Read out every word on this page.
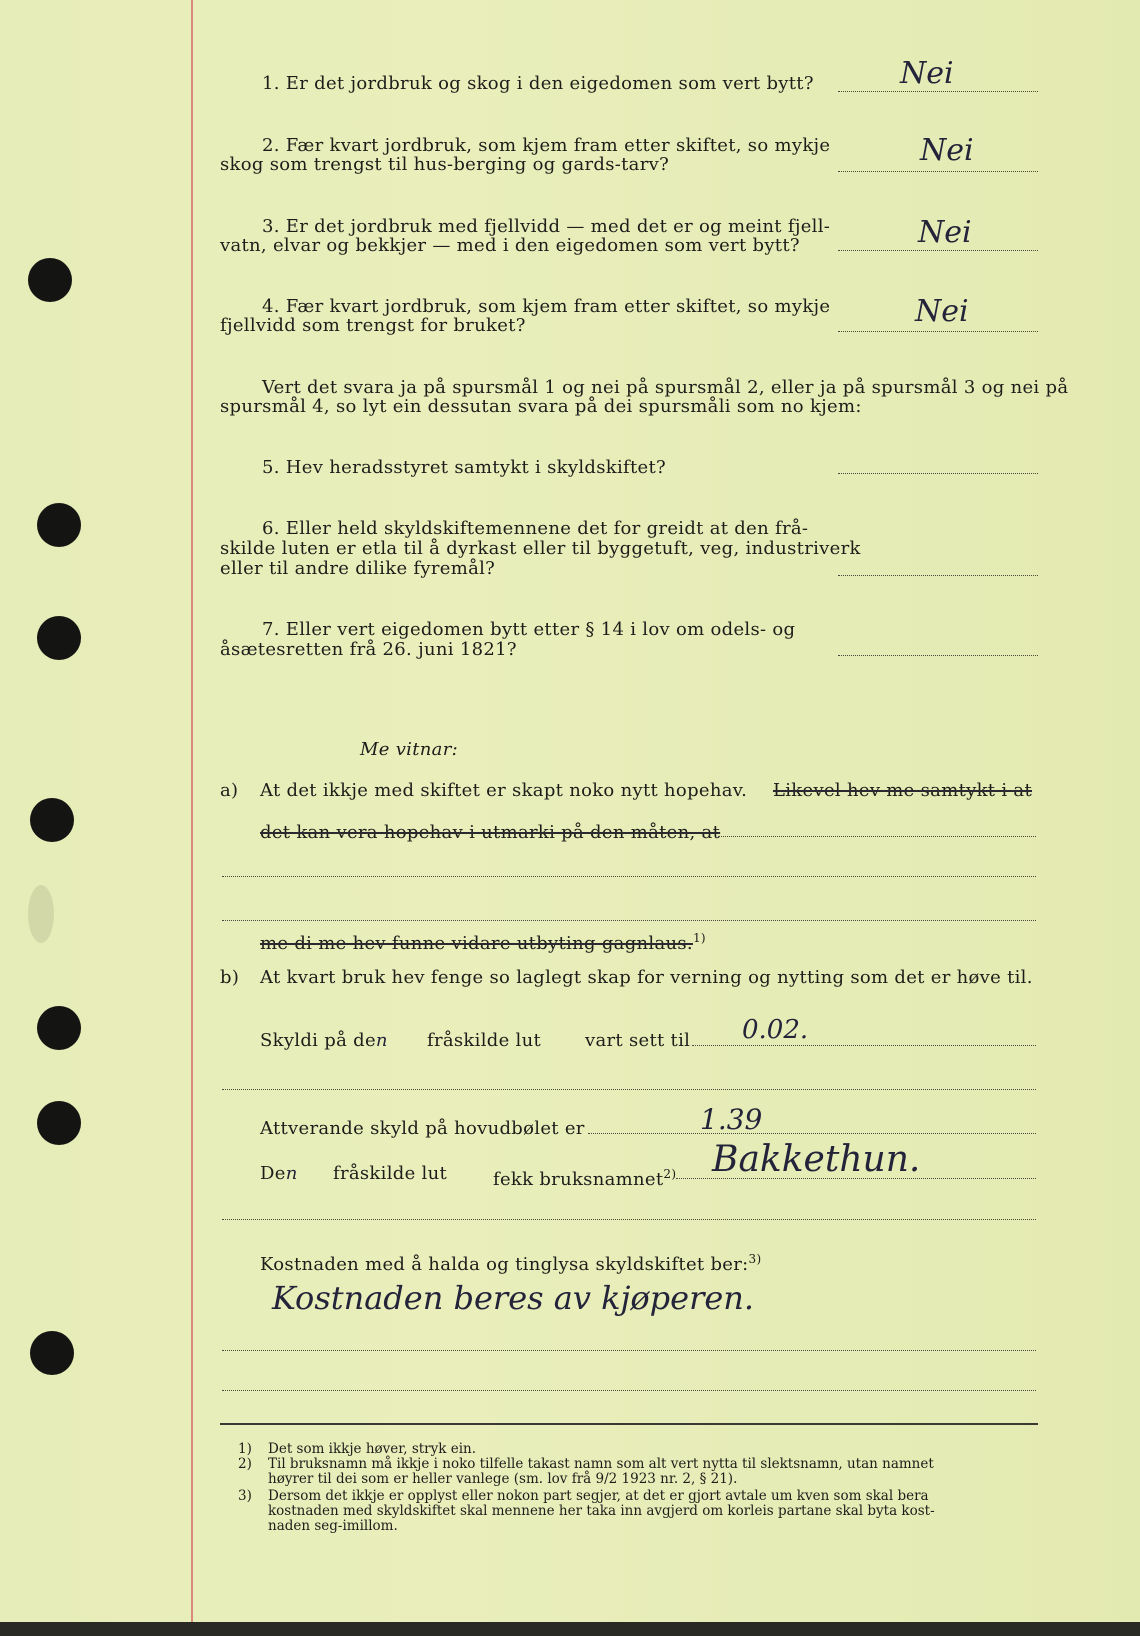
1. Er det jordbruk og skog i den eigedomen som vert bytt?	Nei
2. Fær kvart jordbruk, som kjem fram etter skiftet, so mykje
skog som trengst til hus-berging og gards-tarv?	Nei
3. Er det jordbruk med fjellvidd — med det er og meint fjell-
vatn, elvar og bekkjer — med i den eigedomen som vert bytt?	Nei
4. Fær kvart jordbruk, som kjem fram etter skiftet, so mykje
fjellvidd som trengst for bruket?	Nei
Vert det svara ja på spursmål 1 og nei på spursmål 2, eller ja på spursmål 3 og nei på
spursmål 4, so lyt ein dessutan svara på dei spursmåli som no kjem:
5. Hev heradsstyret samtykt i skyldskiftet?
6. Eller held skyldskiftemennene det for greidt at den frå-
skilde luten er etla til å dyrkast eller til byggetuft, veg, industriverk
eller til andre dilike fyremål?
7. Eller vert eigedomen bytt etter § 14 i lov om odels- og
åsætesretten frå 26. juni 1821?
Me vitnar:
a) At det ikkje med skiftet er skapt noko nytt hopehav. Likevel hev me samtykt i at
det kan vera hopehav i utmarki på den måten, at
me di me hev funne vidare utbyting gagnlaus.$^{1)}$
b) At kvart bruk hev fenge so laglegt skap for verning og nytting som det er høve til.
Skyldi på den fråskilde lut vart sett til 0.02.
Attverande skyld på hovudbølet er	1.39
Den fråskilde lut	fekk bruksnamnet$^{2)}$ Bakkethun.
Kostnaden med å halda og tinglysa skyldskiftet ber:$^{3)}$
Kostnaden beres av kjøperen.
1) Det som ikkje høver, stryk ein.
2) Til bruksnamn må ikkje i noko tilfelle takast namn som alt vert nytta til slektsnamn, utan namnet
høyrer til dei som er heller vanlege (sm. lov frå 9/2 1923 nr. 2, § 21).
3) Dersom det ikkje er opplyst eller nokon part segjer, at det er gjort avtale um kven som skal bera
kostnaden med skyldskiftet skal mennene her taka inn avgjerd om korleis partane skal byta kost-
naden seg-imillom.
